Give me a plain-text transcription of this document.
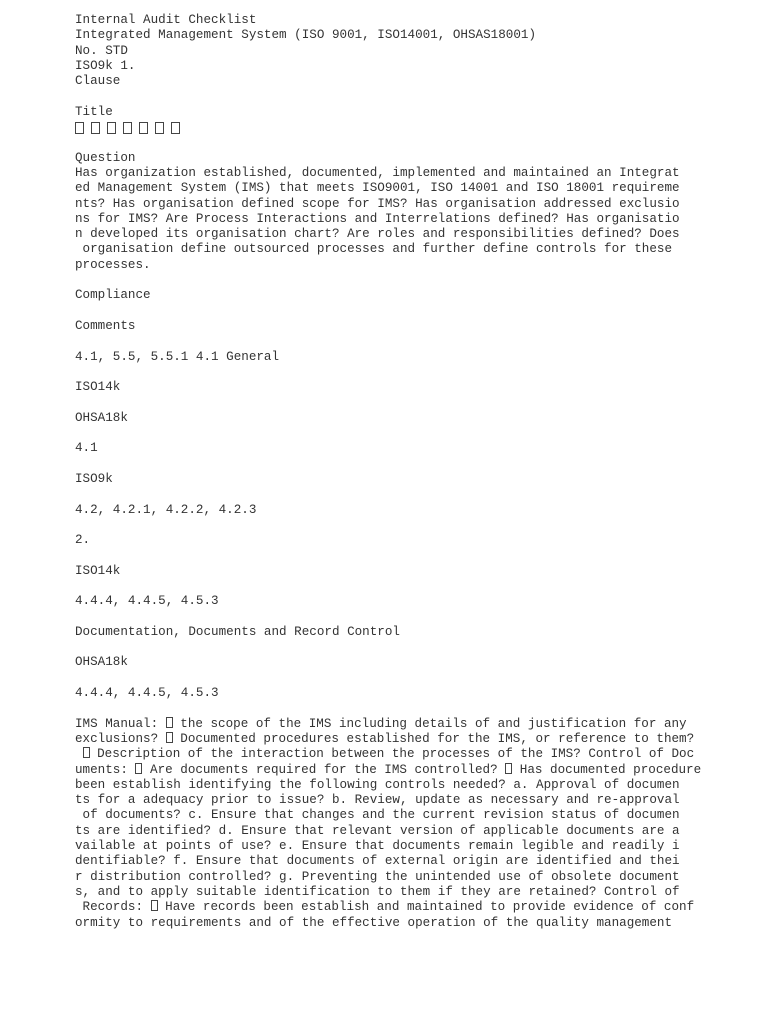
Internal Audit Checklist
Integrated Management System (ISO 9001, ISO14001, OHSAS18001)
No. STD
ISO9k 1.
Clause
Title
Question
Has organization established, documented, implemented and maintained an Integrat
ed Management System (IMS) that meets ISO9001, ISO 14001 and ISO 18001 requireme
nts? Has organisation defined scope for IMS? Has organisation addressed exclusio
ns for IMS? Are Process Interactions and Interrelations defined? Has organisatio
n developed its organisation chart? Are roles and responsibilities defined? Does
organisation define outsourced processes and further define controls for these
processes.
Compliance
Comments
4.1, 5.5, 5.5.1 4.1 General
ISO14k
OHSA18k
4.1
ISO9k
4.2, 4.2.1, 4.2.2, 4.2.3
2.
ISO14k
4.4.4, 4.4.5, 4.5.3
Documentation, Documents and Record Control
OHSA18k
4.4.4, 4.4.5, 4.5.3
IMS Manual:  the scope of the IMS including details of and justification for any
exclusions?  Documented procedures established for the IMS, or reference to them?
Description of the interaction between the processes of the IMS? Control of Doc
uments:  Are documents required for the IMS controlled?  Has documented procedure
been establish identifying the following controls needed? a. Approval of documen
ts for a adequacy prior to issue? b. Review, update as necessary and re-approval
of documents? c. Ensure that changes and the current revision status of documen
ts are identified? d. Ensure that relevant version of applicable documents are a
vailable at points of use? e. Ensure that documents remain legible and readily i
dentifiable? f. Ensure that documents of external origin are identified and thei
r distribution controlled? g. Preventing the unintended use of obsolete document
s, and to apply suitable identification to them if they are retained? Control of
Records:  Have records been establish and maintained to provide evidence of conf
ormity to requirements and of the effective operation of the quality management
